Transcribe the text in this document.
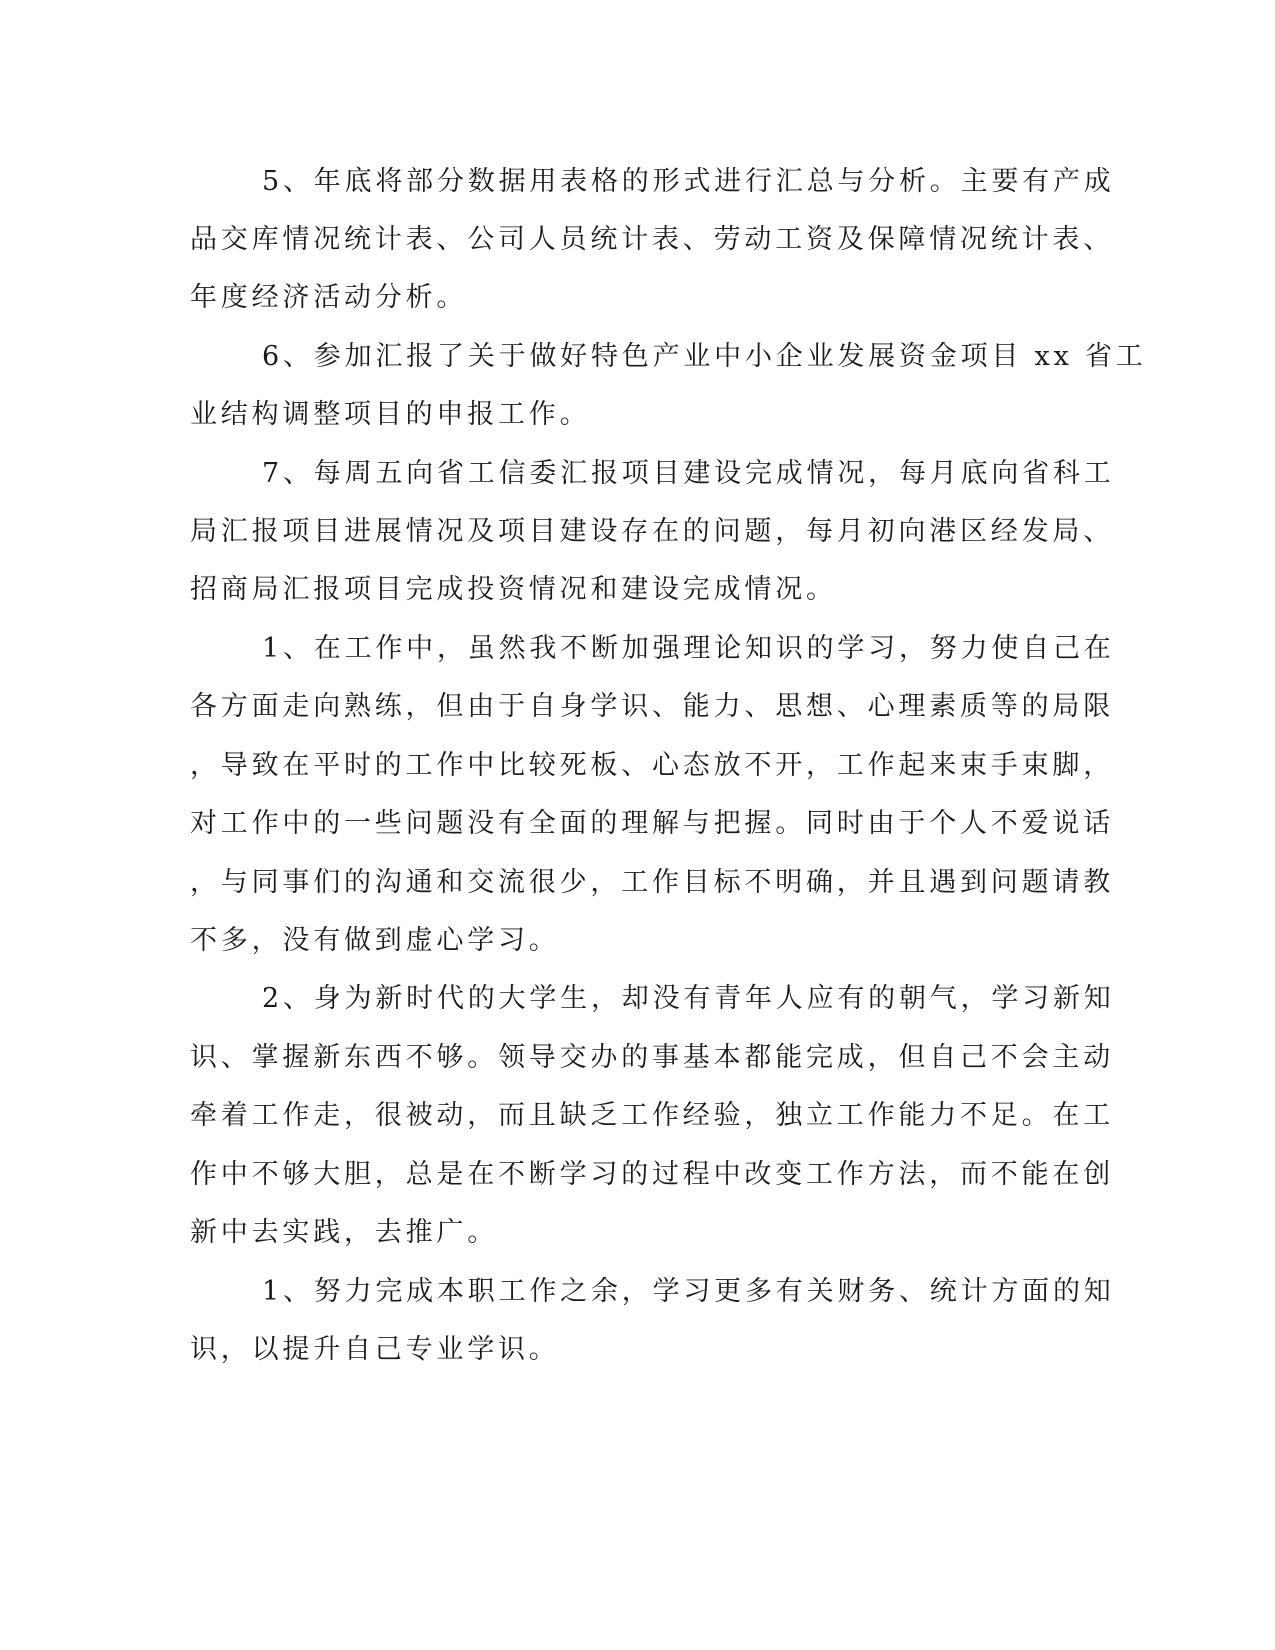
5、年底将部分数据用表格的形式进行汇总与分析。主要有产成

品交库情况统计表、公司人员统计表、劳动工资及保障情况统计表、

年度经济活动分析。

6、参加汇报了关于做好特色产业中小企业发展资金项目 xx 省工

业结构调整项目的申报工作。

7、每周五向省工信委汇报项目建设完成情况，每月底向省科工

局汇报项目进展情况及项目建设存在的问题，每月初向港区经发局、

招商局汇报项目完成投资情况和建设完成情况。

1、在工作中，虽然我不断加强理论知识的学习，努力使自己在

各方面走向熟练，但由于自身学识、能力、思想、心理素质等的局限

，导致在平时的工作中比较死板、心态放不开，工作起来束手束脚，

对工作中的一些问题没有全面的理解与把握。同时由于个人不爱说话

，与同事们的沟通和交流很少，工作目标不明确，并且遇到问题请教

不多，没有做到虚心学习。

2、身为新时代的大学生，却没有青年人应有的朝气，学习新知

识、掌握新东西不够。领导交办的事基本都能完成，但自己不会主动

牵着工作走，很被动，而且缺乏工作经验，独立工作能力不足。在工

作中不够大胆，总是在不断学习的过程中改变工作方法，而不能在创

新中去实践，去推广。

1、努力完成本职工作之余，学习更多有关财务、统计方面的知

识，以提升自己专业学识。
